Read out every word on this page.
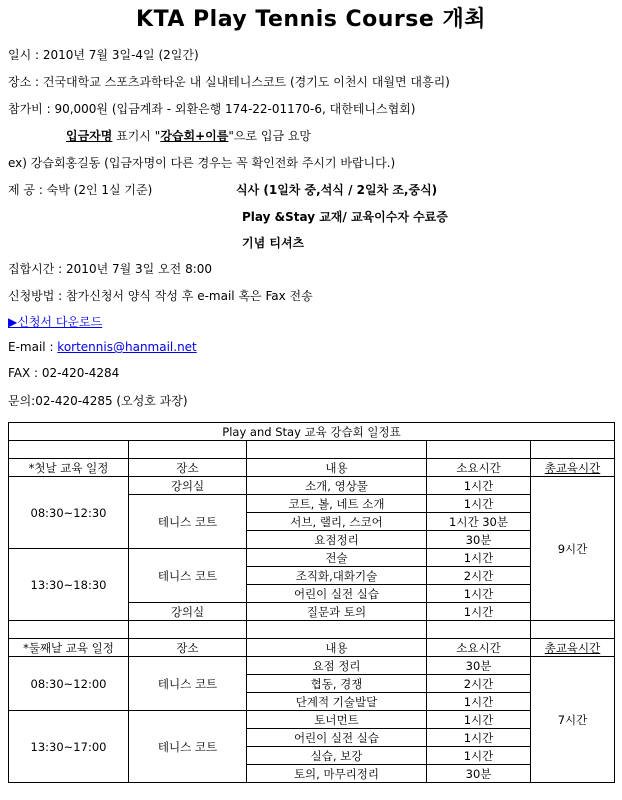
KTA Play Tennis Course 개최
일시 : 2010년 7월 3일-4일 (2일간)
장소 : 건국대학교 스포츠과학타운 내 실내테니스코트 (경기도 이천시 대월면 대흥리)
참가비 : 90,000원 (입금계좌 - 외환은행 174-22-01170-6, 대한테니스협회)
입금자명 표기시 "강습회+이름"으로 입금 요망
ex) 강습회홍길동 (입금자명이 다른 경우는 꼭 확인전화 주시기 바랍니다.)
제 공 : 숙박 (2인 1실 기준)	식사 (1일차 중,석식 / 2일차 조,중식)
Play &Stay 교재/ 교육이수자 수료증
기념 티셔츠
집합시간 : 2010년 7월 3일 오전 8:00
신청방법 : 참가신청서 양식 작성 후 e-mail 혹은 Fax 전송
▶신청서 다운로드
E-mail : kortennis@hanmail.net
FAX : 02-420-4284
문의:02-420-4285 (오성호 과장)
Play and Stay 교육 강습회 일정표				

*첫날 교육 일정	장소	내용	소요시간	총교육시간
08:30~12:30	강의실	소개, 영상물	1시간	9시간
	테니스 코트	코트, 볼, 네트 소개	1시간	
		서브, 랠리, 스코어	1시간 30분	
		요점정리	30분	
13:30~18:30	테니스 코트	전술	1시간	
		조직화,대화기술	2시간	
		어린이 실전 실습	1시간	
	강의실	질문과 토의	1시간	

*둘째날 교육 일정	장소	내용	소요시간	총교육시간
08:30~12:00	테니스 코트	요점 정리	30분	7시간
		협동, 경쟁	2시간	
		단계적 기술발달	1시간	
13:30~17:00	테니스 코트	토너먼트	1시간	
		어린이 실전 실습	1시간	
		실습, 보강	1시간	
		토의, 마무리정리	30분	
